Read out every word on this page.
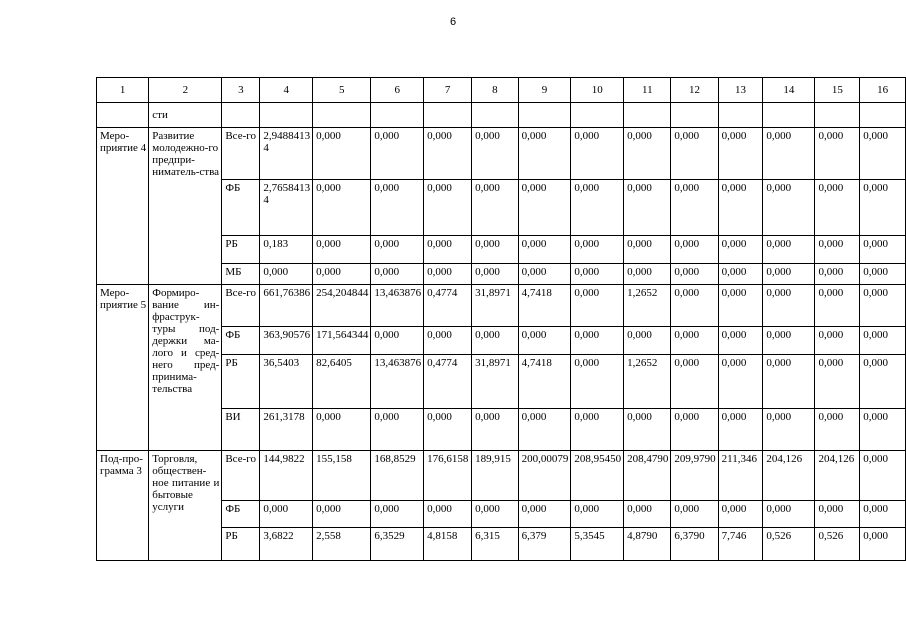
6
1	2	3	4	5	6	7	8	9	10	11	12	13	14	15	16
	сти														
Меро-приятие 4	Развитие молодежно-го предпри-ниматель-ства	Все-го	2,9488413 4	0,000	0,000	0,000	0,000	0,000	0,000	0,000	0,000	0,000	0,000	0,000	0,000
		ФБ	2,7658413 4	0,000	0,000	0,000	0,000	0,000	0,000	0,000	0,000	0,000	0,000	0,000	0,000
		РБ	0,183	0,000	0,000	0,000	0,000	0,000	0,000	0,000	0,000	0,000	0,000	0,000	0,000
		МБ	0,000	0,000	0,000	0,000	0,000	0,000	0,000	0,000	0,000	0,000	0,000	0,000	0,000
Меро-приятие 5	Формиро-вание ин-фраструк-туры под-держки ма-лого и сред-него пред-принима-тельства	Все-го	661,76386	254,204844	13,463876	0,4774	31,8971	4,7418	0,000	1,2652	0,000	0,000	0,000	0,000	0,000
		ФБ	363,90576	171,564344	0,000	0,000	0,000	0,000	0,000	0,000	0,000	0,000	0,000	0,000	0,000
		РБ	36,5403	82,6405	13,463876	0,4774	31,8971	4,7418	0,000	1,2652	0,000	0,000	0,000	0,000	0,000
		ВИ	261,3178	0,000	0,000	0,000	0,000	0,000	0,000	0,000	0,000	0,000	0,000	0,000	0,000
Под-про-грамма 3	Торговля, обществен-ное питание и бытовые услуги	Все-го	144,9822	155,158	168,8529	176,6158	189,915	200,00079	208,95450	208,4790	209,9790	211,346	204,126	204,126	0,000
		ФБ	0,000	0,000	0,000	0,000	0,000	0,000	0,000	0,000	0,000	0,000	0,000	0,000	0,000
		РБ	3,6822	2,558	6,3529	4,8158	6,315	6,379	5,3545	4,8790	6,3790	7,746	0,526	0,526	0,000
